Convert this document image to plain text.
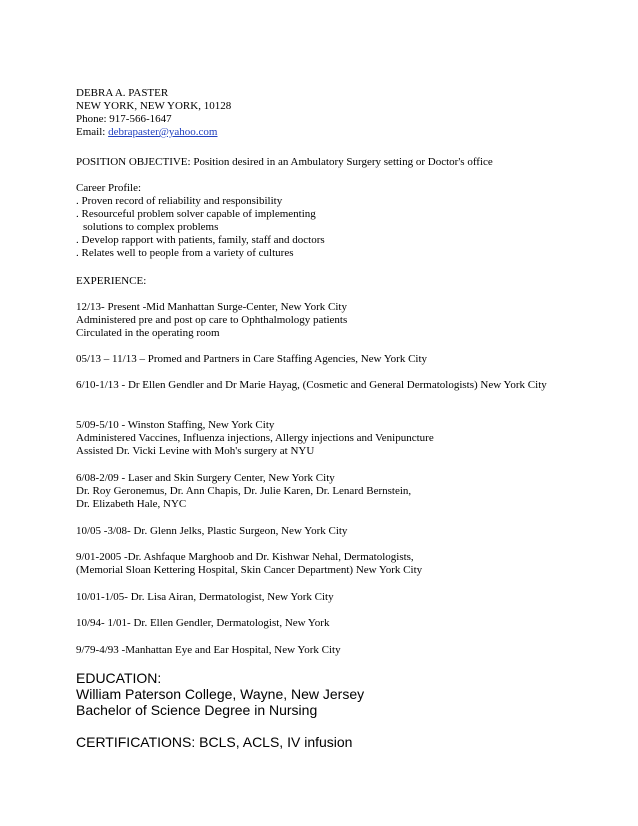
DEBRA A. PASTER
NEW YORK, NEW YORK, 10128
Phone: 917-566-1647
Email: debrapaster@yahoo.com
POSITION OBJECTIVE: Position desired in an Ambulatory Surgery setting or Doctor's office
Career Profile:
. Proven record of reliability and responsibility
. Resourceful problem solver capable of implementing
solutions to complex problems
. Develop rapport with patients, family, staff and doctors
. Relates well to people from a variety of cultures
EXPERIENCE:
12/13- Present -Mid Manhattan Surge-Center, New York City
Administered pre and post op care to Ophthalmology patients
Circulated in the operating room
05/13 – 11/13 – Promed and Partners in Care Staffing Agencies, New York City
6/10-1/13 - Dr Ellen Gendler and Dr Marie Hayag, (Cosmetic and General Dermatologists) New York City
5/09-5/10 - Winston Staffing, New York City
Administered Vaccines, Influenza injections, Allergy injections and Venipuncture
Assisted Dr. Vicki Levine with Moh's surgery at NYU
6/08-2/09 - Laser and Skin Surgery Center, New York City
Dr. Roy Geronemus, Dr. Ann Chapis, Dr. Julie Karen, Dr. Lenard Bernstein,
Dr. Elizabeth Hale, NYC
10/05 -3/08- Dr. Glenn Jelks, Plastic Surgeon, New York City
9/01-2005 -Dr. Ashfaque Marghoob and Dr. Kishwar Nehal, Dermatologists,
(Memorial Sloan Kettering Hospital, Skin Cancer Department) New York City
10/01-1/05- Dr. Lisa Airan, Dermatologist, New York City
10/94- 1/01- Dr. Ellen Gendler, Dermatologist, New York
9/79-4/93 -Manhattan Eye and Ear Hospital, New York City
EDUCATION:
William Paterson College, Wayne, New Jersey
Bachelor of Science Degree in Nursing
CERTIFICATIONS: BCLS, ACLS, IV infusion
